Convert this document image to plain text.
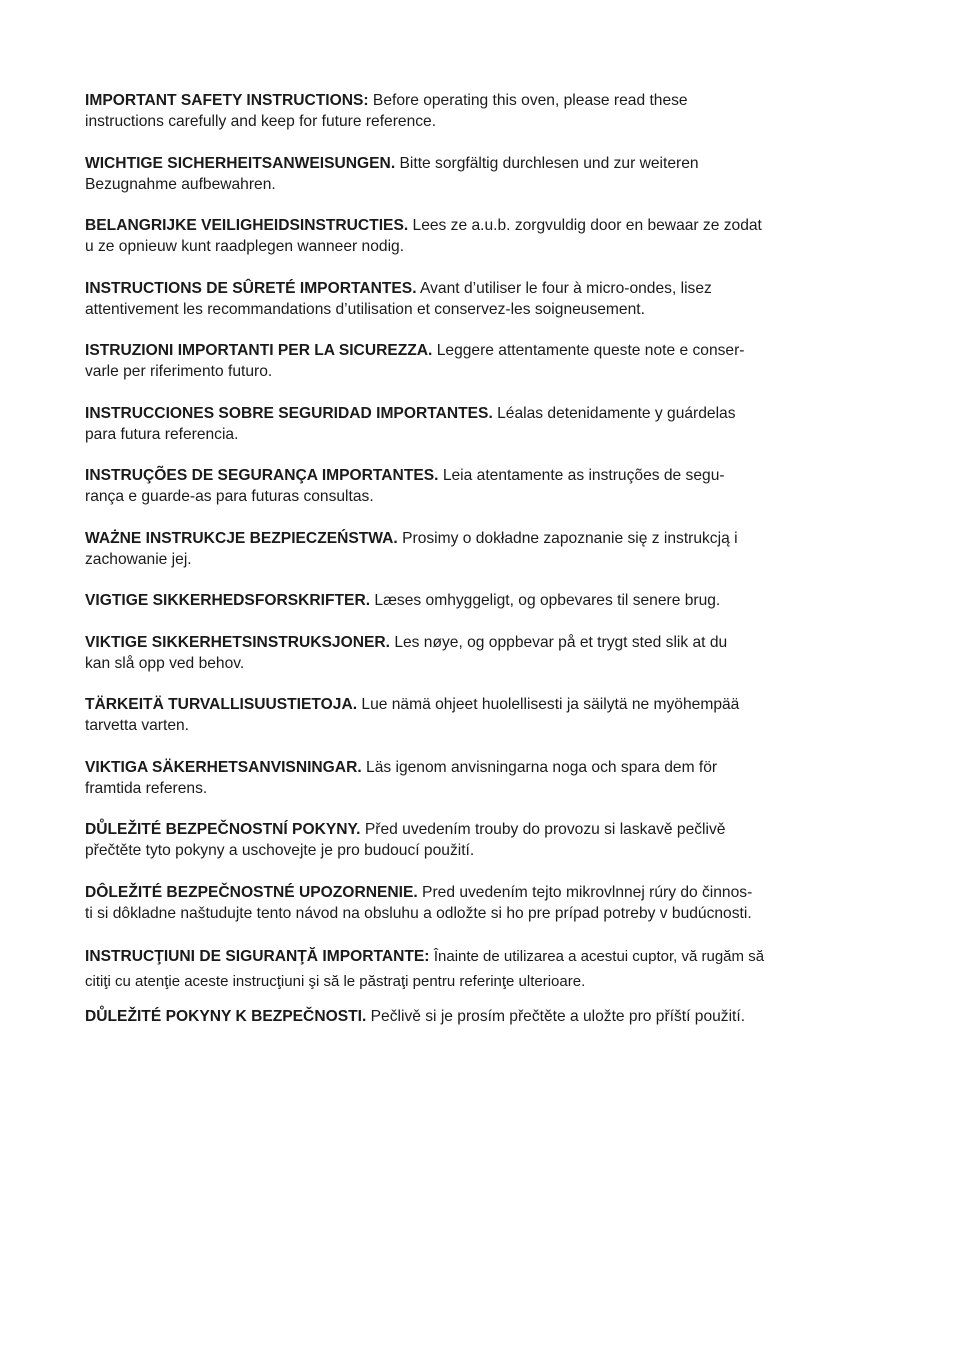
IMPORTANT SAFETY INSTRUCTIONS: Before operating this oven, please read these
instructions carefully and keep for future reference.

WICHTIGE SICHERHEITSANWEISUNGEN. Bitte sorgfältig durchlesen und zur weiteren
Bezugnahme aufbewahren.

BELANGRIJKE VEILIGHEIDSINSTRUCTIES. Lees ze a.u.b. zorgvuldig door en bewaar ze zodat
u ze opnieuw kunt raadplegen wanneer nodig.

INSTRUCTIONS DE SÛRETÉ IMPORTANTES. Avant d’utiliser le four à micro-ondes, lisez
attentivement les recommandations d’utilisation et conservez-les soigneusement.

ISTRUZIONI IMPORTANTI PER LA SICUREZZA. Leggere attentamente queste note e conser-
varle per riferimento futuro.

INSTRUCCIONES SOBRE SEGURIDAD IMPORTANTES. Léalas detenidamente y guárdelas
para futura referencia.

INSTRUÇÕES DE SEGURANÇA IMPORTANTES. Leia atentamente as instruções de segu-
rança e guarde-as para futuras consultas.

WAŻNE INSTRUKCJE BEZPIECZEŃSTWA. Prosimy o dokładne zapoznanie się z instrukcją i
zachowanie jej.

VIGTIGE SIKKERHEDSFORSKRIFTER. Læses omhyggeligt, og opbevares til senere brug.

VIKTIGE SIKKERHETSINSTRUKSJONER. Les nøye, og oppbevar på et trygt sted slik at du
kan slå opp ved behov.

TÄRKEITÄ TURVALLISUUSTIETOJA. Lue nämä ohjeet huolellisesti ja säilytä ne myöhempää
tarvetta varten.

VIKTIGA SÄKERHETSANVISNINGAR. Läs igenom anvisningarna noga och spara dem för
framtida referens.

DŮLEŽITÉ BEZPEČNOSTNÍ POKYNY. Před uvedením trouby do provozu si laskavě pečlivě
přečtěte tyto pokyny a uschovejte je pro budoucí použití.

DÔLEŽITÉ BEZPEČNOSTNÉ UPOZORNENIE. Pred uvedením tejto mikrovlnnej rúry do činnos-
ti si dôkladne naštudujte tento návod na obsluhu a odložte si ho pre prípad potreby v budúcnosti.

INSTRUCŢIUNI DE SIGURANŢĂ IMPORTANTE: Înainte de utilizarea a acestui cuptor, vă rugăm să
citiţi cu atenţie aceste instrucţiuni şi să le păstraţi pentru referinţe ulterioare.

DŮLEŽITÉ POKYNY K BEZPEČNOSTI. Pečlivě si je prosím přečtěte a uložte pro příští použití.
